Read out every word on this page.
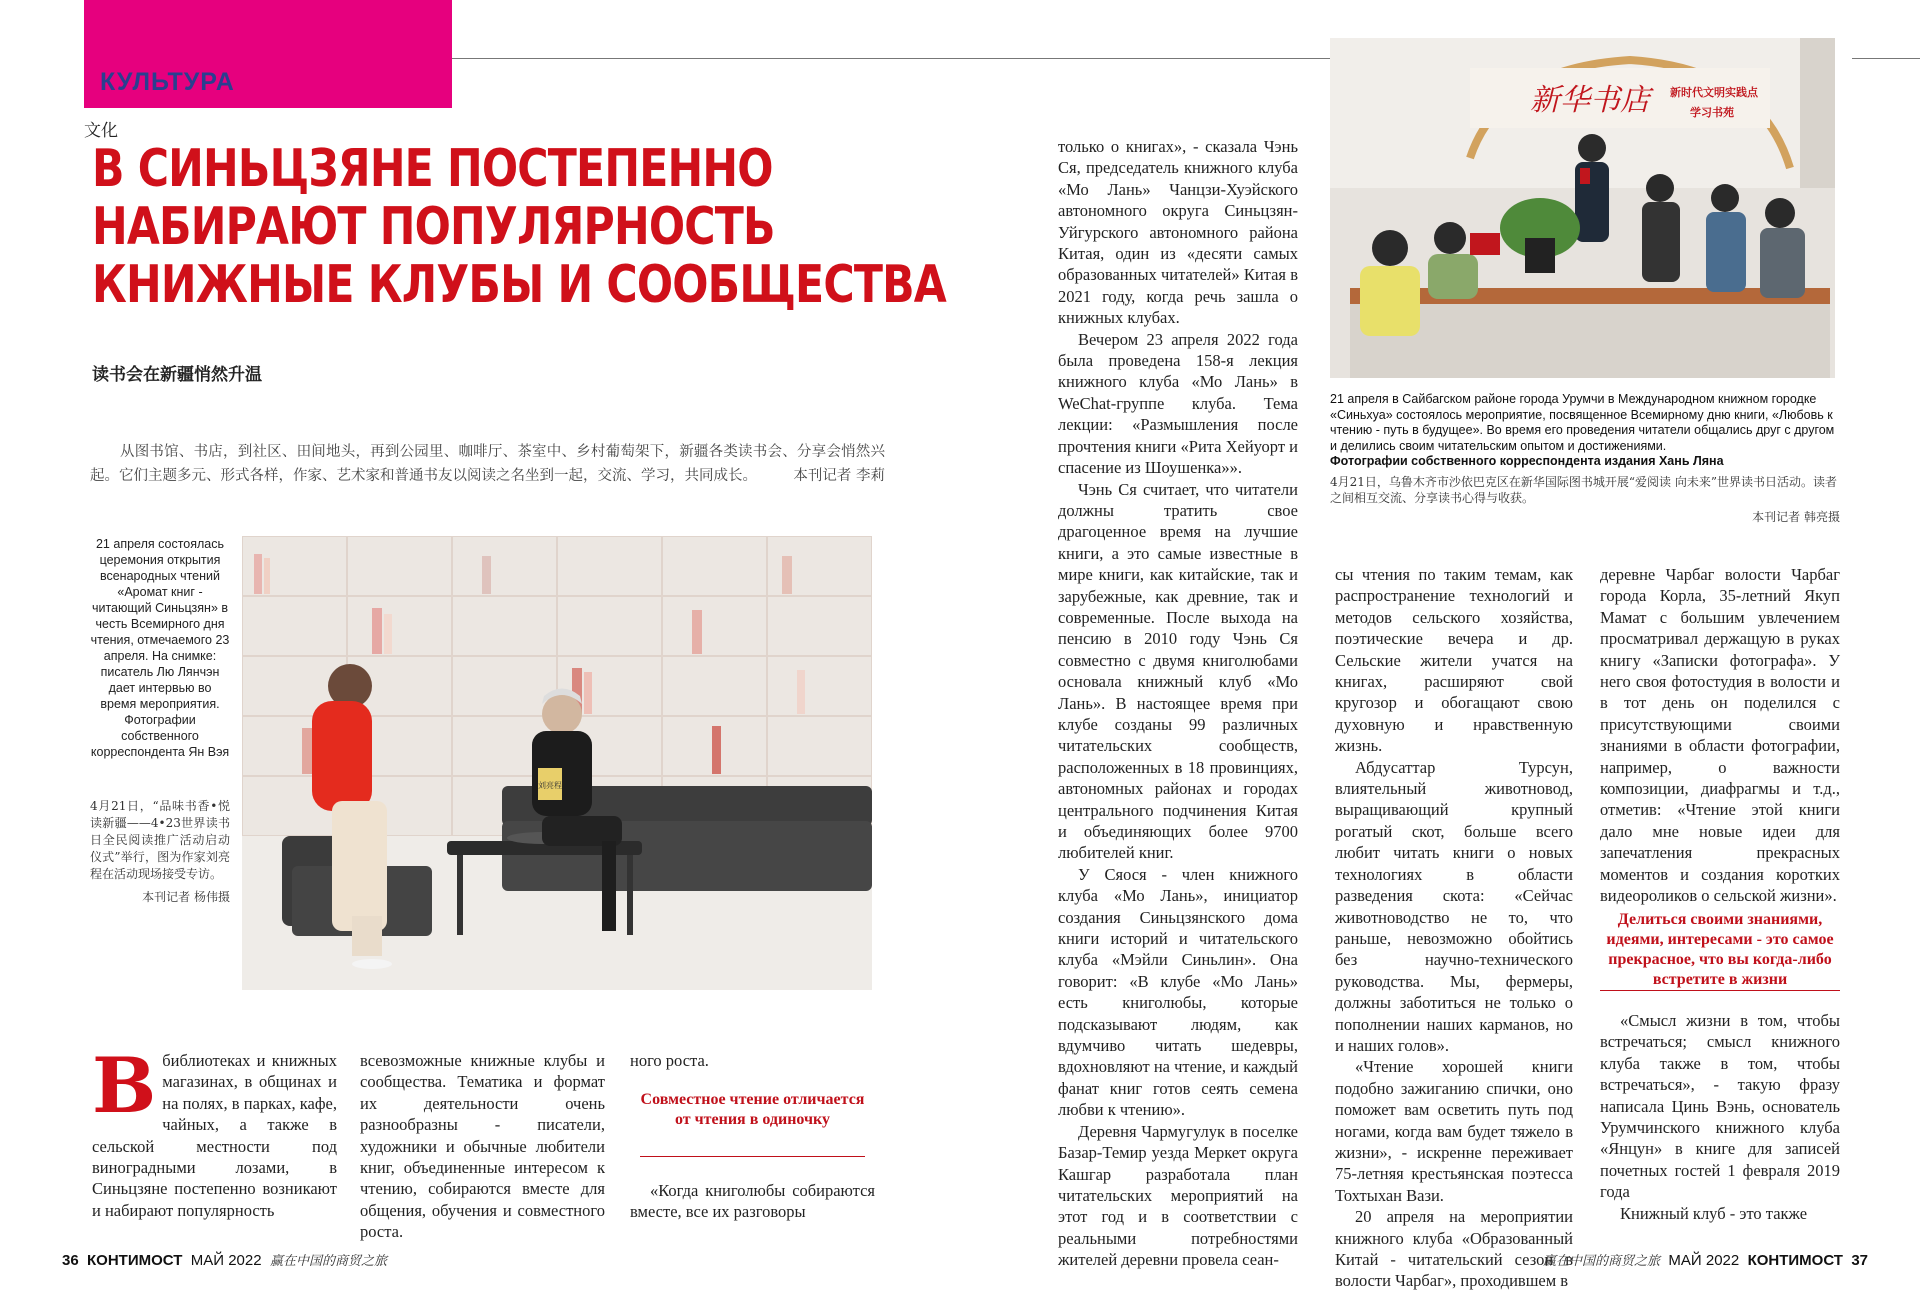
КУЛЬТУРА
文化
В СИНЬЦЗЯНЕ ПОСТЕПЕННО
НАБИРАЮТ ПОПУЛЯРНОСТЬ
КНИЖНЫЕ КЛУБЫ И СООБЩЕСТВА
读书会在新疆悄然升温
从图书馆、书店，到社区、田间地头，再到公园里、咖啡厅、茶室中、乡村葡萄架下，新疆各类读书会、分享会悄然兴起。它们主题多元、形式各样，作家、艺术家和普通书友以阅读之名坐到一起，交流、学习，共同成长。	本刊记者 李莉
21 апреля состоялась церемония открытия всенародных чтений «Аромат книг - читающий Синьцзян» в честь Всемирного дня чтения, отмечаемого 23 апреля. На снимке: писатель Лю Лянчэн дает интервью во время мероприятия. Фотографии собственного корреспондента Ян Вэя
4月21日，“品味书香•悦读新疆——4•23世界读书日全民阅读推广活动启动仪式”举行，图为作家刘亮程在活动现场接受专访。
本刊记者 杨伟摄
刘亮程

Вбиблиотеках и книжных магазинах, в общинах и на полях, в парках, кафе, чайных, а также в сельской местности под виноградными лозами, в Синьцзяне постепенно возникают и набирают популярность

всевозможные книжные клубы и сообщества. Тематика и формат их деятельности очень разнообразны - писатели, художники и обычные любители книг, объединенные интересом к чтению, собираются вместе для общения, обучения и совместного роста.

ного роста.

Совместное чтение отличается от чтения в одиночку

«Когда книголюбы собираются вместе, все их разговоры

только о книгах», - сказала Чэнь Ся, председатель книжного клуба «Мо Лань» Чанцзи-Хуэйского автономного округа Синьцзян-Уйгурского автономного района Китая, один из «десяти самых образованных читателей» Китая в 2021 году, когда речь зашла о книжных клубах.

Вечером 23 апреля 2022 года была проведена 158-я лекция книжного клуба «Мо Лань» в WeChat-группе клуба. Тема лекции: «Размышления после прочтения книги «Рита Хейуорт и спасение из Шоушенка»».

Чэнь Ся считает, что читатели должны тратить свое драгоценное время на лучшие книги, а это самые известные в мире книги, как китайские, так и зарубежные, как древние, так и современные. После выхода на пенсию в 2010 году Чэнь Ся совместно с двумя книголюбами основала книжный клуб «Мо Лань». В настоящее время при клубе созданы 99 различных читательских сообществ, расположенных в 18 провинциях, автономных районах и городах центрального подчинения Китая и объединяющих более 9700 любителей книг.

У Сяося - член книжного клуба «Мо Лань», инициатор создания Синьцзянского дома книги историй и читательского клуба «Мэйли Синьлин». Она говорит: «В клубе «Мо Лань» есть книголюбы, которые подсказывают людям, как вдумчиво читать шедевры, вдохновляют на чтение, и каждый фанат книг готов сеять семена любви к чтению».

Деревня Чармугулук в поселке Базар-Темир уезда Меркет округа Кашгар разработала план читательских мероприятий на этот год и в соответствии с реальными потребностями жителей деревни провела сеан-

新华书店	新时代文明实践点
学习书苑
21 апреля в Сайбагском районе города Урумчи в Международном книжном городке «Синьхуа» состоялось мероприятие, посвященное Всемирному дню книги, «Любовь к чтению - путь в будущее». Во время его проведения читатели общались друг с другом и делились своим читательским опытом и достижениями.
Фотографии собственного корреспондента издания Хань Ляна
4月21日，乌鲁木齐市沙依巴克区在新华国际图书城开展“爱阅读 向未来”世界读书日活动。读者之间相互交流、分享读书心得与收获。
本刊记者 韩亮摄

сы чтения по таким темам, как распространение технологий и методов сельского хозяйства, поэтические вечера и др. Сельские жители учатся на книгах, расширяют свой кругозор и обогащают свою духовную и нравственную жизнь.

Абдусаттар Турсун, влиятельный животновод, выращивающий крупный рогатый скот, больше всего любит читать книги о новых технологиях в области разведения скота: «Сейчас животноводство не то, что раньше, невозможно обойтись без научно-технического руководства. Мы, фермеры, должны заботиться не только о пополнении наших карманов, но и наших голов».

«Чтение хорошей книги подобно зажиганию спички, оно поможет вам осветить путь под ногами, когда вам будет тяжело в жизни», - искренне переживает 75-летняя крестьянская поэтесса Тохтыхан Вази.

20 апреля на мероприятии книжного клуба «Образованный Китай - читательский сезон в волости Чарбаг», проходившем в

деревне Чарбаг волости Чарбаг города Корла, 35-летний Якуп Мамат с большим увлечением просматривал держащую в руках книгу «Записки фотографа». У него своя фотостудия в волости и в тот день он поделился с присутствующими своими знаниями в области фотографии, например, о важности композиции, диафрагмы и т.д., отметив: «Чтение этой книги дало мне новые идеи для запечатления прекрасных моментов и создания коротких видеороликов о сельской жизни».

Делиться своими знаниями, идеями, интересами - это самое прекрасное, что вы когда-либо встретите в жизни

«Смысл жизни в том, чтобы встречаться; смысл книжного клуба также в том, чтобы встречаться», - такую фразу написала Цинь Вэнь, основатель Урумчинского книжного клуба «Янцун» в книге для записей почетных гостей 1 февраля 2019 года

Книжный клуб - это также

36 КОНТИМОСТ МАЙ 2022 赢在中国的商贸之旅	赢在中国的商贸之旅 МАЙ 2022 КОНТИМОСТ 37
